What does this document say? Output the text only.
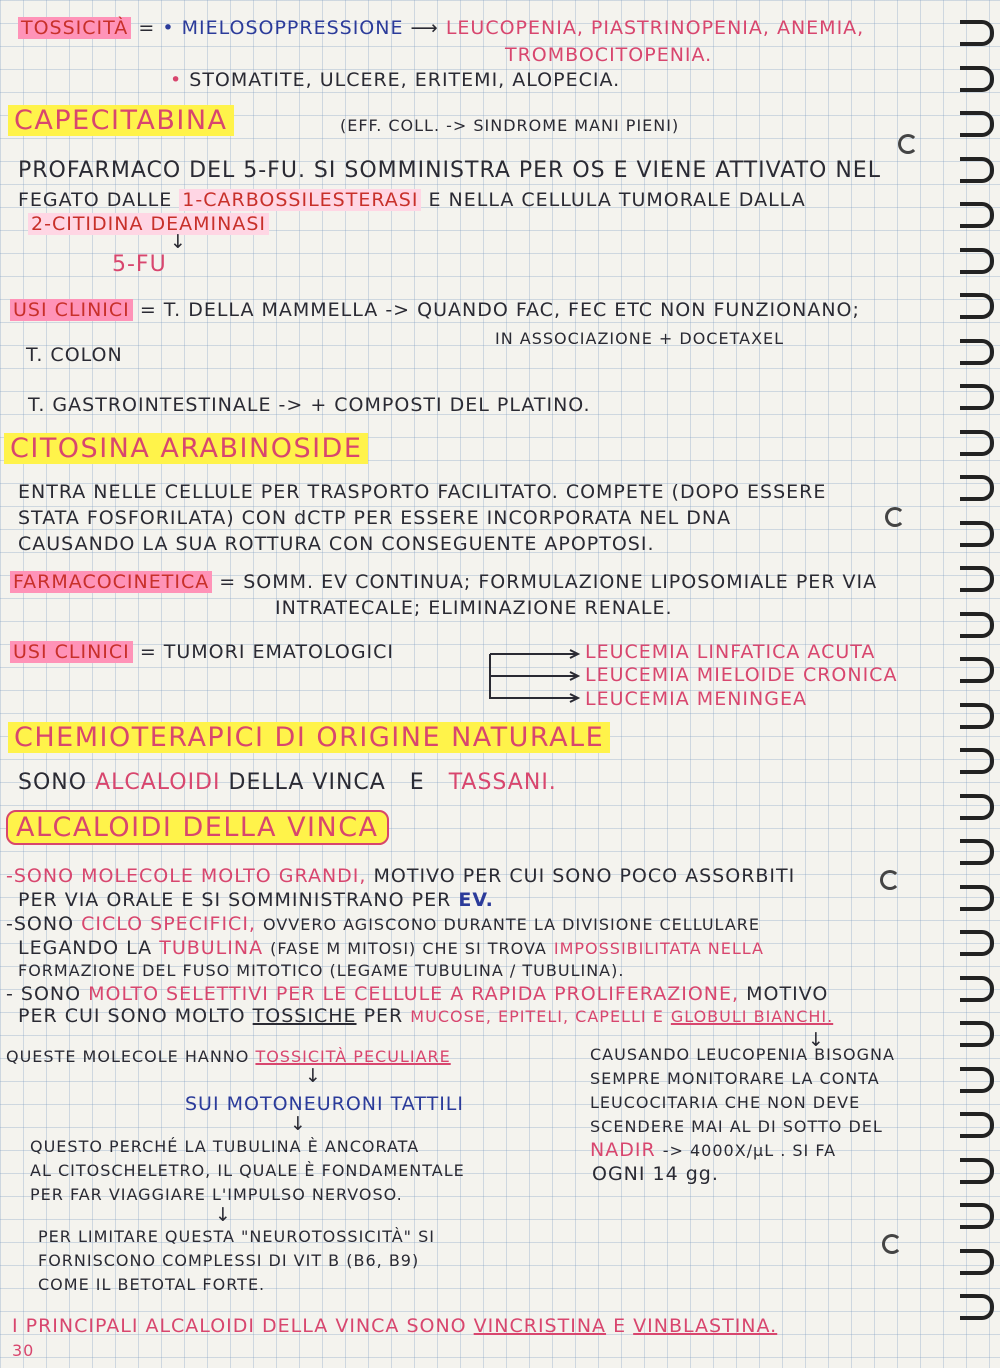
TOSSICITÀ = • MIELOSOPPRESSIONE ⟶ LEUCOPENIA, PIASTRINOPENIA, ANEMIA,
TROMBOCITOPENIA.
• STOMATITE, ULCERE, ERITEMI, ALOPECIA.
CAPECITABINA	(EFF. COLL. -> SINDROME MANI PIENI)
PROFARMACO DEL 5-FU. SI SOMMINISTRA PER OS E VIENE ATTIVATO NEL
FEGATO DALLE 1-CARBOSSILESTERASI E NELLA CELLULA TUMORALE DALLA
2-CITIDINA DEAMINASI
↓
5-FU
USI CLINICI = T. DELLA MAMMELLA -> QUANDO FAC, FEC ETC NON FUNZIONANO;
IN ASSOCIAZIONE + DOCETAXEL
T. COLON
T. GASTROINTESTINALE -> + COMPOSTI DEL PLATINO.
CITOSINA ARABINOSIDE
ENTRA NELLE CELLULE PER TRASPORTO FACILITATO. COMPETE (DOPO ESSERE
STATA FOSFORILATA) CON dCTP PER ESSERE INCORPORATA NEL DNA
CAUSANDO LA SUA ROTTURA CON CONSEGUENTE APOPTOSI.
FARMACOCINETICA = SOMM. EV CONTINUA; FORMULAZIONE LIPOSOMIALE PER VIA
INTRATECALE; ELIMINAZIONE RENALE.
USI CLINICI = TUMORI EMATOLOGICI	LEUCEMIA LINFATICA ACUTA
LEUCEMIA MIELOIDE CRONICA
LEUCEMIA MENINGEA
CHEMIOTERAPICI DI ORIGINE NATURALE
SONO ALCALOIDI DELLA VINCA E TASSANI.
ALCALOIDI DELLA VINCA
-SONO MOLECOLE MOLTO GRANDI, MOTIVO PER CUI SONO POCO ASSORBITI
PER VIA ORALE E SI SOMMINISTRANO PER EV.
-SONO CICLO SPECIFICI, OVVERO AGISCONO DURANTE LA DIVISIONE CELLULARE
LEGANDO LA TUBULINA (FASE M MITOSI) CHE SI TROVA IMPOSSIBILITATA NELLA
FORMAZIONE DEL FUSO MITOTICO (LEGAME TUBULINA / TUBULINA).
- SONO MOLTO SELETTIVI PER LE CELLULE A RAPIDA PROLIFERAZIONE, MOTIVO
PER CUI SONO MOLTO TOSSICHE PER MUCOSE, EPITELI, CAPELLI E GLOBULI BIANCHI.
QUESTE MOLECOLE HANNO TOSSICITÀ PECULIARE
↓
SUI MOTONEURONI TATTILI
↓
QUESTO PERCHÉ LA TUBULINA È ANCORATA
AL CITOSCHELETRO, IL QUALE È FONDAMENTALE
PER FAR VIAGGIARE L'IMPULSO NERVOSO.
↓
PER LIMITARE QUESTA "NEUROTOSSICITÀ" SI
FORNISCONO COMPLESSI DI VIT B (B6, B9)
COME IL BETOTAL FORTE.
↓
CAUSANDO LEUCOPENIA BISOGNA
SEMPRE MONITORARE LA CONTA
LEUCOCITARIA CHE NON DEVE
SCENDERE MAI AL DI SOTTO DEL
NADIR -> 4000X/μL . SI FA
OGNI 14 gg.
I PRINCIPALI ALCALOIDI DELLA VINCA SONO VINCRISTINA E VINBLASTINA.
30
